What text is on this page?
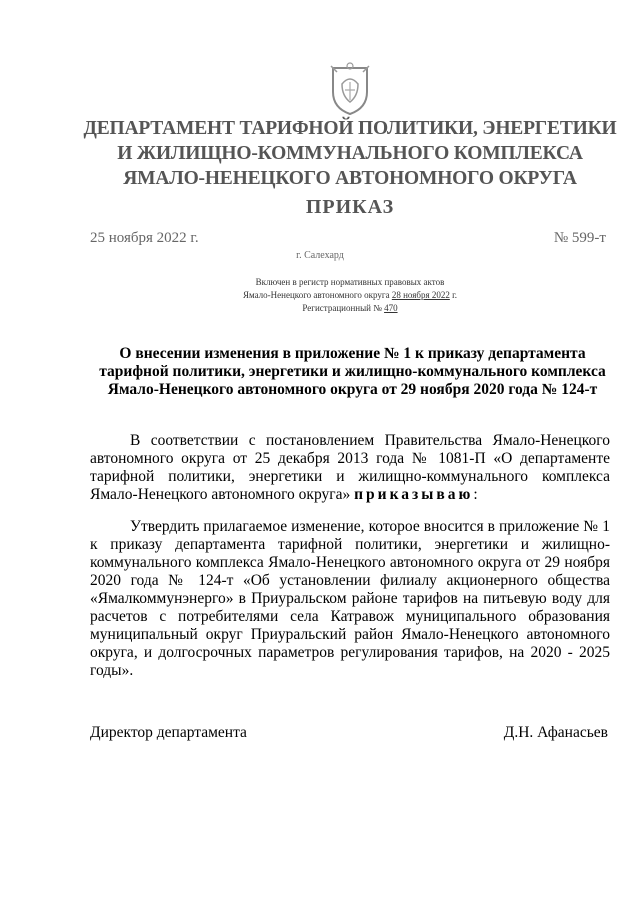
ДЕПАРТАМЕНТ ТАРИФНОЙ ПОЛИТИКИ, ЭНЕРГЕТИКИ
И ЖИЛИЩНО-КОММУНАЛЬНОГО КОМПЛЕКСА
ЯМАЛО-НЕНЕЦКОГО АВТОНОМНОГО ОКРУГА
ПРИКАЗ
25 ноября 2022 г.	№ 599-т
г. Салехард
Включен в регистр нормативных правовых актов
Ямало-Ненецкого автономного округа 28 ноября 2022 г.
Регистрационный № 470
О внесении изменения в приложение № 1 к приказу департамента тарифной политики, энергетики и жилищно-коммунального комплекса Ямало-Ненецкого автономного округа от 29 ноября 2020 года № 124-т
В соответствии с постановлением Правительства Ямало-Ненецкого автономного округа от 25 декабря 2013 года № 1081-П «О департаменте тарифной политики, энергетики и жилищно-коммунального комплекса Ямало-Ненецкого автономного округа» приказываю:
Утвердить прилагаемое изменение, которое вносится в приложение № 1 к приказу департамента тарифной политики, энергетики и жилищно-коммунального комплекса Ямало-Ненецкого автономного округа от 29 ноября 2020 года № 124-т «Об установлении филиалу акционерного общества «Ямалкоммунэнерго» в Приуральском районе тарифов на питьевую воду для расчетов с потребителями села Катравож муниципального образования муниципальный округ Приуральский район Ямало-Ненецкого автономного округа, и долгосрочных параметров регулирования тарифов, на 2020 - 2025 годы».
Директор департамента	Д.Н. Афанасьев
